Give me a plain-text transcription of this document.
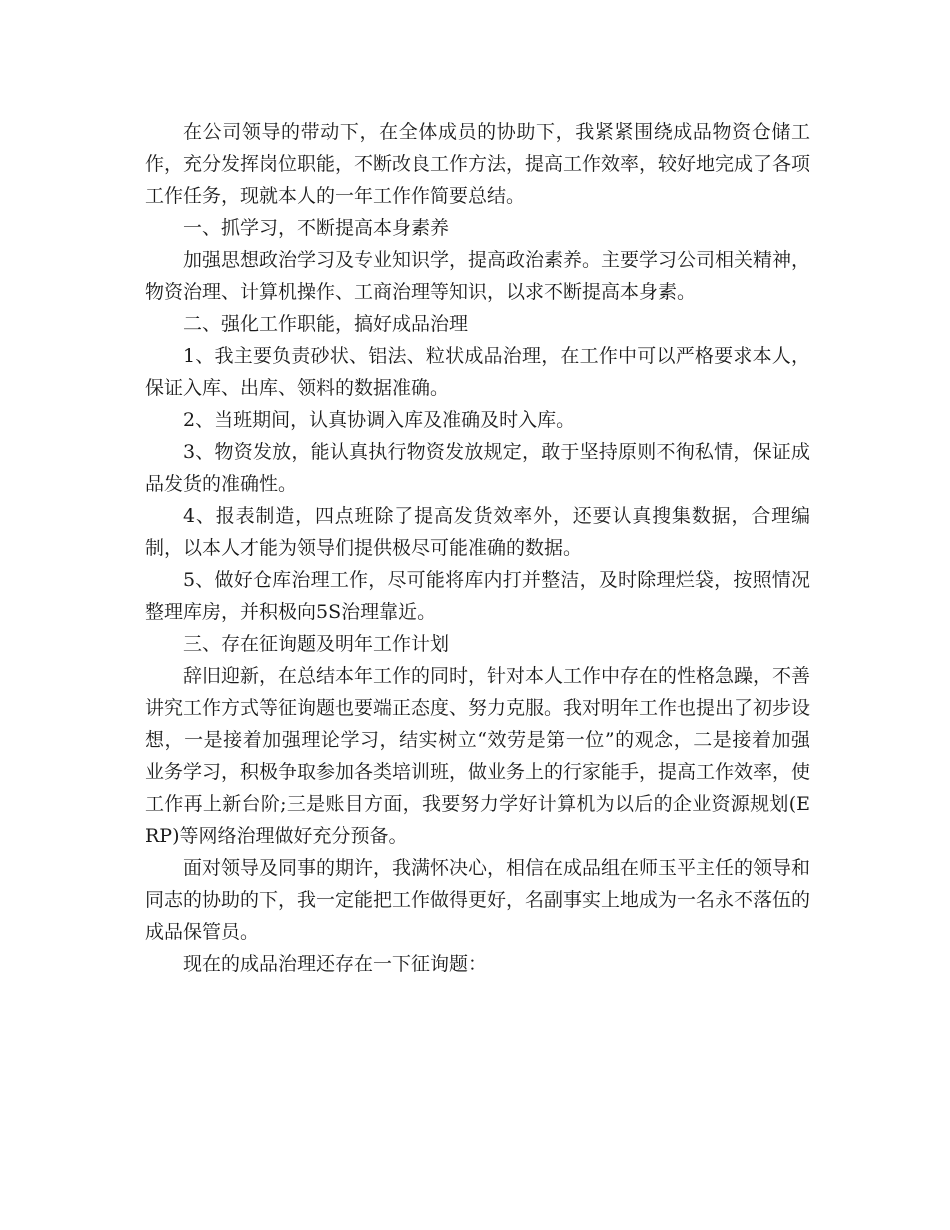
在公司领导的带动下，在全体成员的协助下，我紧紧围绕成品物资仓储工作，充分发挥岗位职能，不断改良工作方法，提高工作效率，较好地完成了各项工作任务，现就本人的一年工作作简要总结。

一、抓学习，不断提高本身素养

加强思想政治学习及专业知识学，提高政治素养。主要学习公司相关精神，物资治理、计算机操作、工商治理等知识，以求不断提高本身素。

二、强化工作职能，搞好成品治理

1、我主要负责砂状、铝法、粒状成品治理，在工作中可以严格要求本人，保证入库、出库、领料的数据准确。

2、当班期间，认真协调入库及准确及时入库。

3、物资发放，能认真执行物资发放规定，敢于坚持原则不徇私情，保证成品发货的准确性。

4、报表制造，四点班除了提高发货效率外，还要认真搜集数据，合理编制，以本人才能为领导们提供极尽可能准确的数据。

5、做好仓库治理工作，尽可能将库内打并整洁，及时除理烂袋，按照情况整理库房，并积极向5S治理靠近。

三、存在征询题及明年工作计划

辞旧迎新，在总结本年工作的同时，针对本人工作中存在的性格急躁，不善讲究工作方式等征询题也要端正态度、努力克服。我对明年工作也提出了初步设想，一是接着加强理论学习，结实树立“效劳是第一位”的观念，二是接着加强业务学习，积极争取参加各类培训班，做业务上的行家能手，提高工作效率，使工作再上新台阶;三是账目方面，我要努力学好计算机为以后的企业资源规划(ERP)等网络治理做好充分预备。

面对领导及同事的期许，我满怀决心，相信在成品组在师玉平主任的领导和同志的协助的下，我一定能把工作做得更好，名副事实上地成为一名永不落伍的成品保管员。

现在的成品治理还存在一下征询题：
